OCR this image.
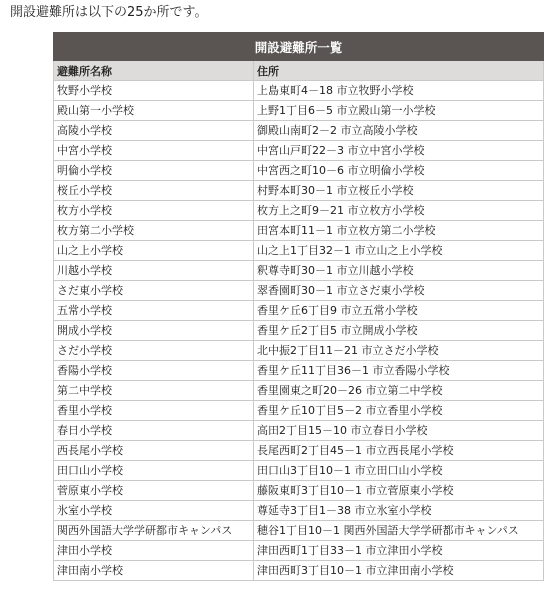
開設避難所は以下の25か所です。
開設避難所一覧	
避難所名称	住所
牧野小学校	上島東町4－18 市立牧野小学校
殿山第一小学校	上野1丁目6－5 市立殿山第一小学校
高陵小学校	御殿山南町2－2 市立高陵小学校
中宮小学校	中宮山戸町22－3 市立中宮小学校
明倫小学校	中宮西之町10－6 市立明倫小学校
桜丘小学校	村野本町30－1 市立桜丘小学校
枚方小学校	枚方上之町9－21 市立枚方小学校
枚方第二小学校	田宮本町11－1 市立枚方第二小学校
山之上小学校	山之上1丁目32－1 市立山之上小学校
川越小学校	釈尊寺町30－1 市立川越小学校
さだ東小学校	翠香園町30－1 市立さだ東小学校
五常小学校	香里ケ丘6丁目9 市立五常小学校
開成小学校	香里ケ丘2丁目5 市立開成小学校
さだ小学校	北中振2丁目11－21 市立さだ小学校
香陽小学校	香里ケ丘11丁目36－1 市立香陽小学校
第二中学校	香里園東之町20－26 市立第二中学校
香里小学校	香里ケ丘10丁目5－2 市立香里小学校
春日小学校	高田2丁目15－10 市立春日小学校
西長尾小学校	長尾西町2丁目45－1 市立西長尾小学校
田口山小学校	田口山3丁目10－1 市立田口山小学校
菅原東小学校	藤阪東町3丁目10－1 市立菅原東小学校
氷室小学校	尊延寺3丁目1－38 市立氷室小学校
関西外国語大学学研都市キャンパス	穂谷1丁目10－1 関西外国語大学学研都市キャンパス
津田小学校	津田西町1丁目33－1 市立津田小学校
津田南小学校	津田西町3丁目10－1 市立津田南小学校
